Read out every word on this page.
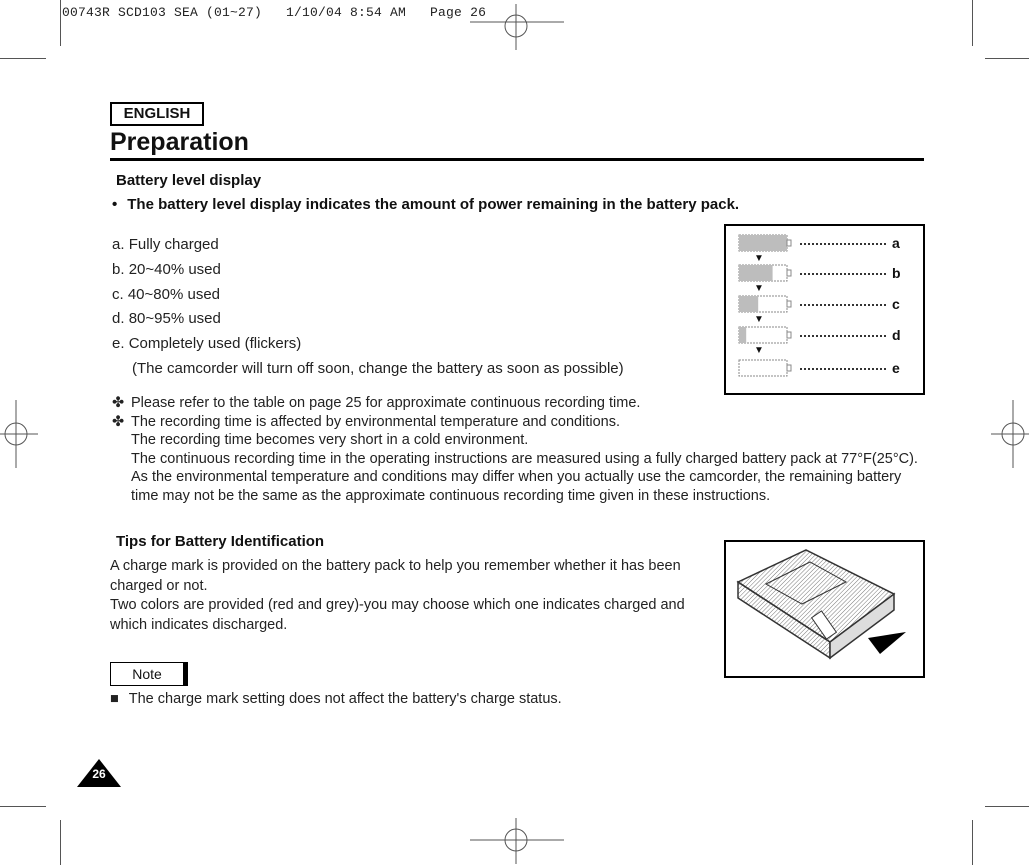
00743R SCD103 SEA (01~27)   1/10/04 8:54 AM   Page 26
ENGLISH
Preparation
Battery level display
• The battery level display indicates the amount of power remaining in the battery pack.
a. Fully charged
b. 20~40% used
c. 40~80% used
d. 80~95% used
e. Completely used (flickers)
(The camcorder will turn off soon, change the battery as soon as possible)
✤ Please refer to the table on page 25 for approximate continuous recording time.
✤ The recording time is affected by environmental temperature and conditions.
The recording time becomes very short in a cold environment.
The continuous recording time in the operating instructions are measured using a fully charged battery pack at 77°F(25°C).
As the environmental temperature and conditions may differ when you actually use the camcorder, the remaining battery
time may not be the same as the approximate continuous recording time given in these instructions.
a
▼
b
▼
c
▼
d
▼
e
Tips for Battery Identification
A charge mark is provided on the battery pack to help you remember whether it has been
charged or not.
Two colors are provided (red and grey)-you may choose which one indicates charged and
which indicates discharged.
Note
■ The charge mark setting does not affect the battery's charge status.
26
